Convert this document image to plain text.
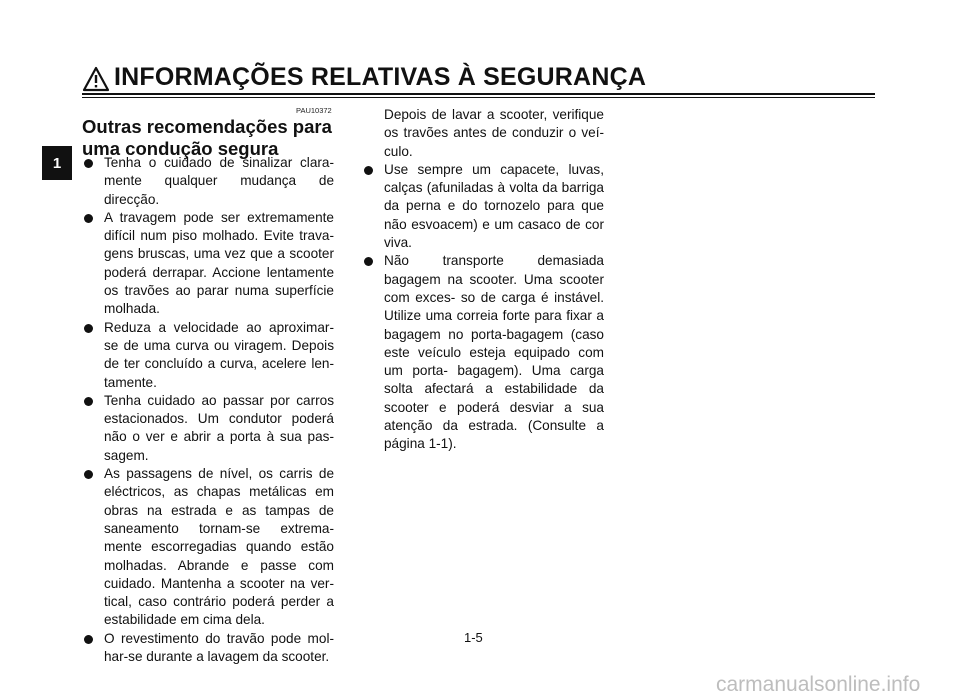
INFORMAÇÕES RELATIVAS À SEGURANÇA
1
PAU10372
Outras recomendações para uma condução segura
Tenha o cuidado de sinalizar clara- mente qualquer mudança de direcção.
A travagem pode ser extremamente difícil num piso molhado. Evite trava- gens bruscas, uma vez que a scooter poderá derrapar. Accione lentamente os travões ao parar numa superfície molhada.
Reduza a velocidade ao aproximar- se de uma curva ou viragem. Depois de ter concluído a curva, acelere len- tamente.
Tenha cuidado ao passar por carros estacionados. Um condutor poderá não o ver e abrir a porta à sua pas- sagem.
As passagens de nível, os carris de eléctricos, as chapas metálicas em obras na estrada e as tampas de saneamento tornam-se extrema- mente escorregadias quando estão molhadas. Abrande e passe com cuidado. Mantenha a scooter na ver- tical, caso contrário poderá perder a estabilidade em cima dela.
O revestimento do travão pode mol- har-se durante a lavagem da scooter.
Depois de lavar a scooter, verifique os travões antes de conduzir o veí- culo.
Use sempre um capacete, luvas, calças (afuniladas à volta da barriga da perna e do tornozelo para que não esvoacem) e um casaco de cor viva.
Não transporte demasiada bagagem na scooter. Uma scooter com exces- so de carga é instável. Utilize uma correia forte para fixar a bagagem no porta-bagagem (caso este veículo esteja equipado com um porta- bagagem). Uma carga solta afectará a estabilidade da scooter e poderá desviar a sua atenção da estrada. (Consulte a página 1-1).
1-5
carmanualsonline.info
